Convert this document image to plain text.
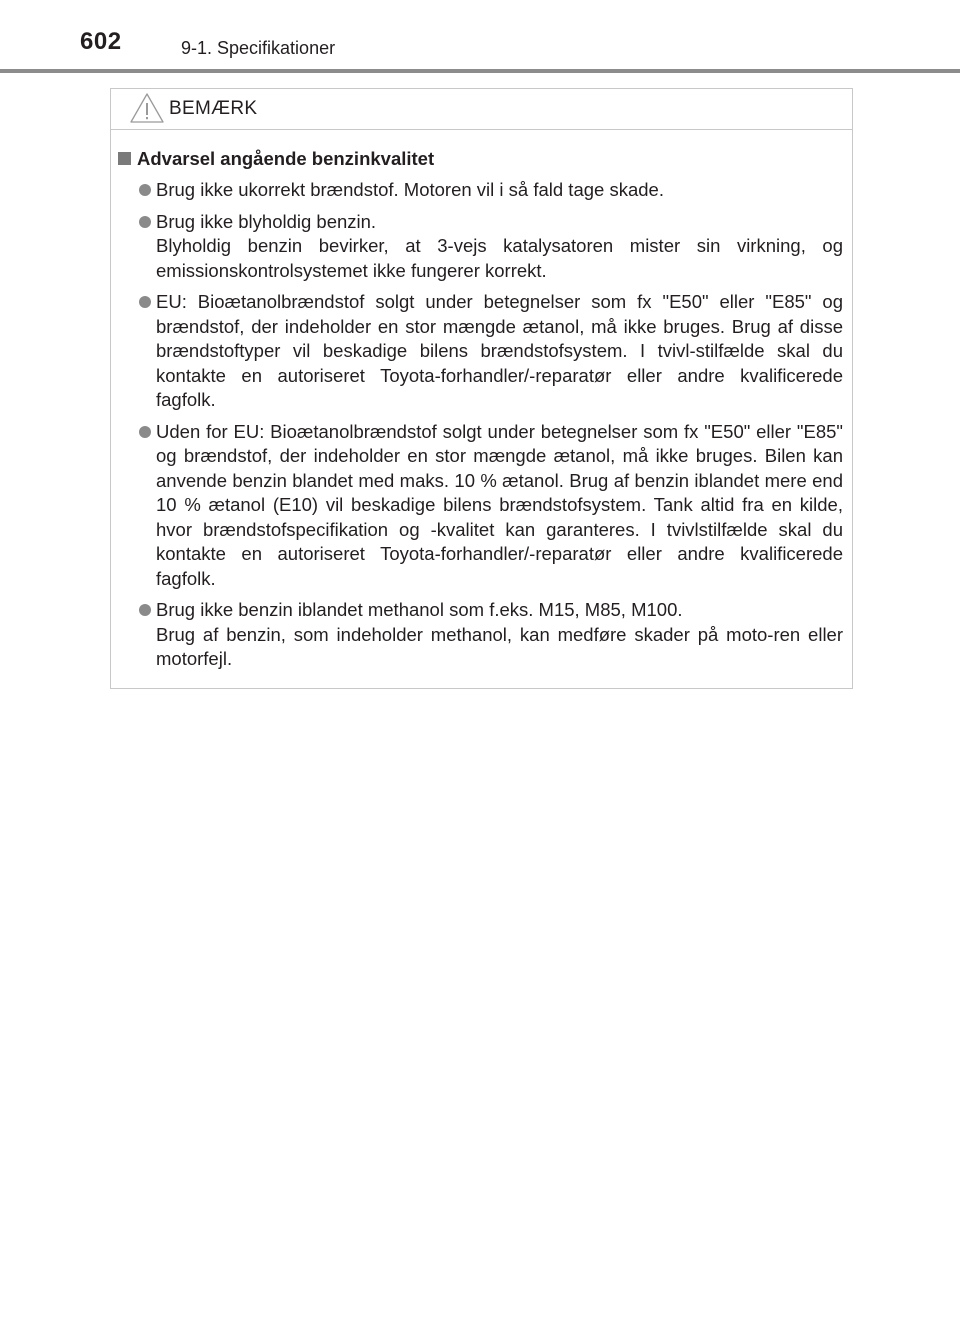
602	9-1. Specifikationer
BEMÆRK
Advarsel angående benzinkvalitet
Brug ikke ukorrekt brændstof. Motoren vil i så fald tage skade.
Brug ikke blyholdig benzin.
Blyholdig benzin bevirker, at 3-vejs katalysatoren mister sin virkning, og emissionskontrolsystemet ikke fungerer korrekt.
EU: Bioætanolbrændstof solgt under betegnelser som fx "E50" eller "E85" og brændstof, der indeholder en stor mængde ætanol, må ikke bruges. Brug af disse brændstoftyper vil beskadige bilens brændstofsystem. I tvivl-stilfælde skal du kontakte en autoriseret Toyota-forhandler/-reparatør eller andre kvalificerede fagfolk.
Uden for EU: Bioætanolbrændstof solgt under betegnelser som fx "E50" eller "E85" og brændstof, der indeholder en stor mængde ætanol, må ikke bruges. Bilen kan anvende benzin blandet med maks. 10 % ætanol. Brug af benzin iblandet mere end 10 % ætanol (E10) vil beskadige bilens brændstofsystem. Tank altid fra en kilde, hvor brændstofspecifikation og -kvalitet kan garanteres. I tvivlstilfælde skal du kontakte en autoriseret Toyota-forhandler/-reparatør eller andre kvalificerede fagfolk.
Brug ikke benzin iblandet methanol som f.eks. M15, M85, M100.
Brug af benzin, som indeholder methanol, kan medføre skader på moto-ren eller motorfejl.
